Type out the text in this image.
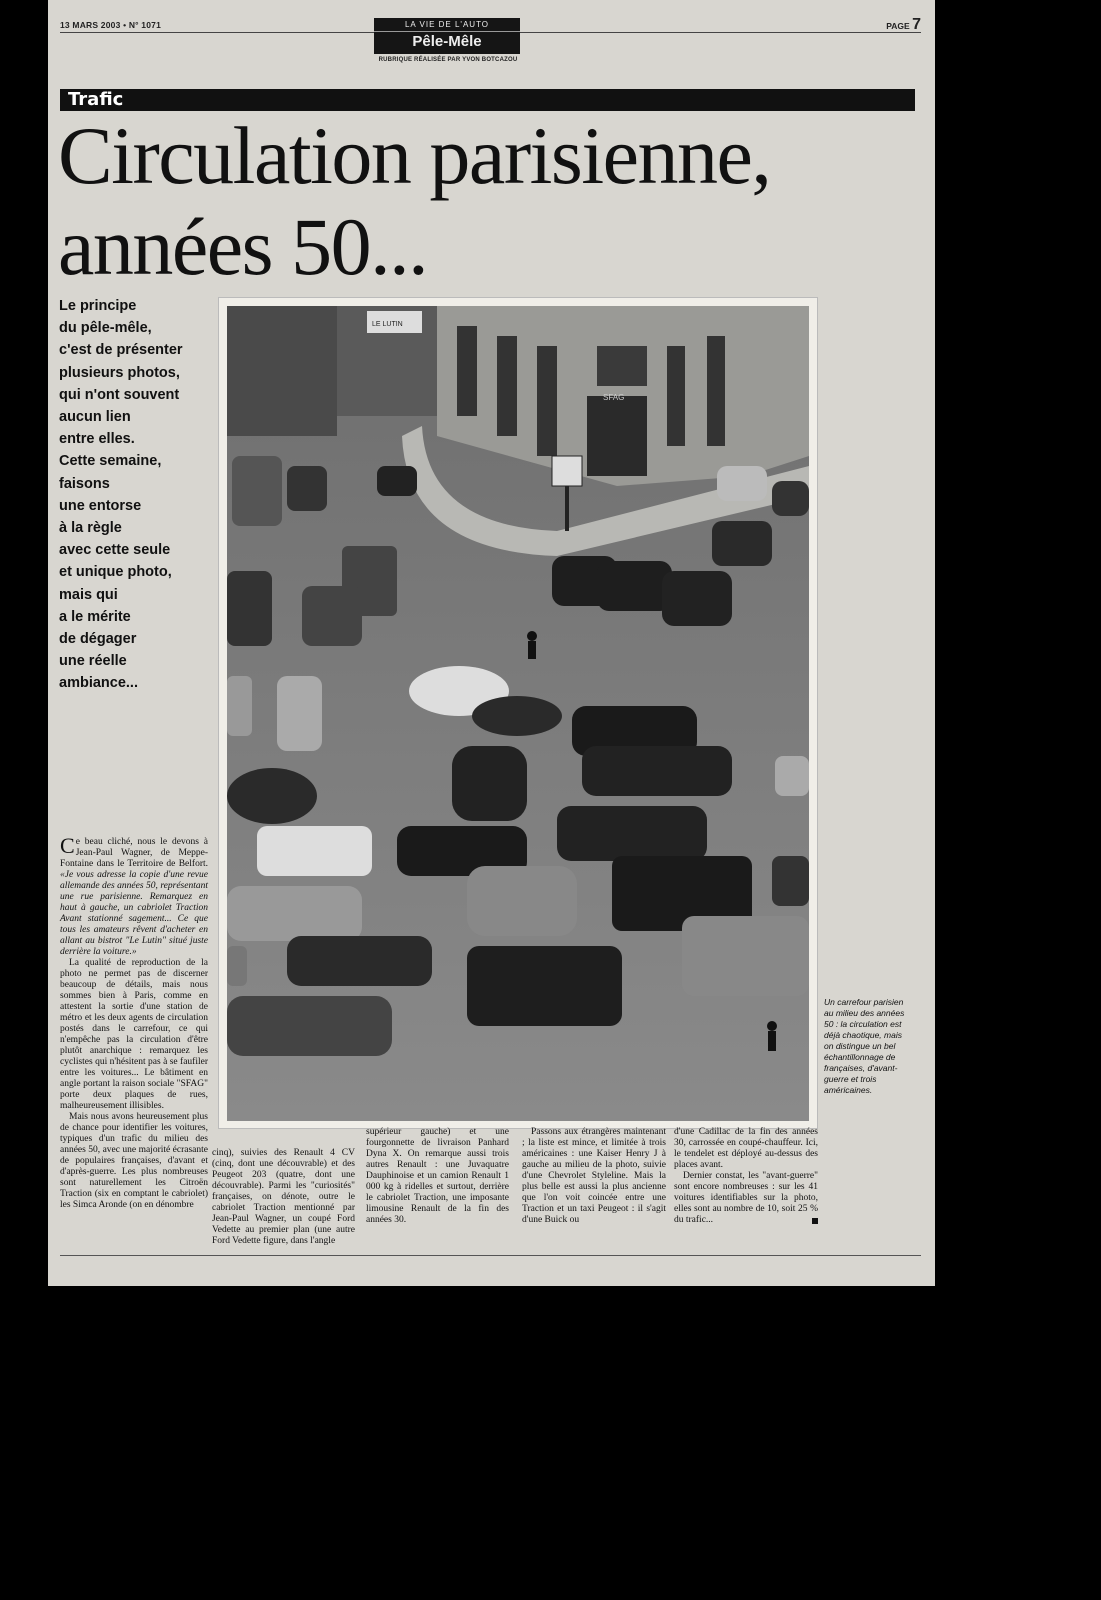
13 MARS 2003 • N° 1071	PAGE 7
LA VIE DE L'AUTO
Pêle-Mêle
RUBRIQUE RÉALISÉE PAR YVON BOTCAZOU
Trafic
Circulation parisienne,
années 50...
Le principe
du pêle-mêle,
c'est de présenter
plusieurs photos,
qui n'ont souvent
aucun lien
entre elles.
Cette semaine,
faisons
une entorse
à la règle
avec cette seule
et unique photo,
mais qui
a le mérite
de dégager
une réelle
ambiance...
SFAG
LE LUTIN
Un carrefour parisien au milieu des années 50 : la circulation est déjà chaotique, mais on distingue un bel échantillonnage de françaises, d'avant-guerre et trois américaines.

Ce beau cliché, nous le devons à Jean-Paul Wagner, de Meppe-Fontaine dans le Territoire de Belfort. «Je vous adresse la copie d'une revue allemande des années 50, représentant une rue parisienne. Remarquez en haut à gauche, un cabriolet Traction Avant stationné sagement... Ce que tous les amateurs rêvent d'acheter en allant au bistrot "Le Lutin" situé juste derrière la voiture.»

La qualité de reproduction de la photo ne permet pas de discerner beaucoup de détails, mais nous sommes bien à Paris, comme en attestent la sortie d'une station de métro et les deux agents de circulation postés dans le carrefour, ce qui n'empêche pas la circulation d'être plutôt anarchique : remarquez les cyclistes qui n'hésitent pas à se faufiler entre les voitures... Le bâtiment en angle portant la raison sociale "SFAG" porte deux plaques de rues, malheureusement illisibles.

Mais nous avons heureusement plus de chance pour identifier les voitures, typiques d'un trafic du milieu des années 50, avec une majorité écrasante de populaires françaises, d'avant et d'après-guerre. Les plus nombreuses sont naturellement les Citroën Traction (six en comptant le cabriolet) les Simca Aronde (on en dénombre

cinq), suivies des Renault 4 CV (cinq, dont une découvrable) et des Peugeot 203 (quatre, dont une découvrable). Parmi les "curiosités" françaises, on dénote, outre le cabriolet Traction mentionné par Jean-Paul Wagner, un coupé Ford Vedette au premier plan (une autre Ford Vedette figure, dans l'angle

supérieur gauche) et une fourgonnette de livraison Panhard Dyna X. On remarque aussi trois autres Renault : une Juvaquatre Dauphinoise et un camion Renault 1 000 kg à ridelles et surtout, derrière le cabriolet Traction, une imposante limousine Renault de la fin des années 30.

Passons aux étrangères maintenant ; la liste est mince, et limitée à trois américaines : une Kaiser Henry J à gauche au milieu de la photo, suivie d'une Chevrolet Styleline. Mais la plus belle est aussi la plus ancienne que l'on voit coincée entre une Traction et un taxi Peugeot : il s'agit d'une Buick ou

d'une Cadillac de la fin des années 30, carrossée en coupé-chauffeur. Ici, le tendelet est déployé au-dessus des places avant.

Dernier constat, les "avant-guerre" sont encore nombreuses : sur les 41 voitures identifiables sur la photo, elles sont au nombre de 10, soit 25 % du trafic...
